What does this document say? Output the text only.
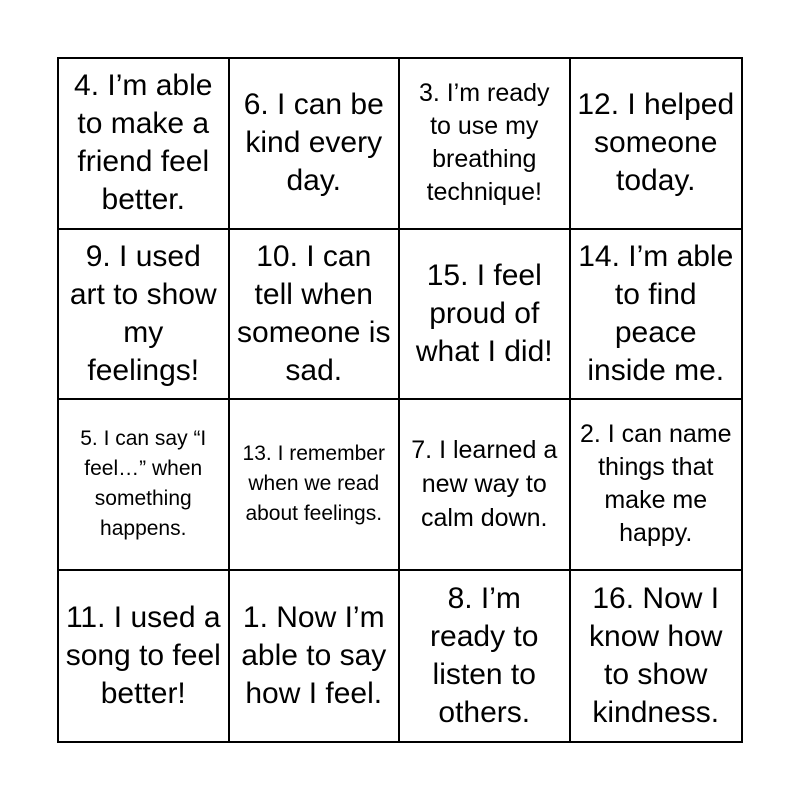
4. I’m able to make a friend feel better.
6. I can be kind every day.
3. I’m ready to use my breathing technique!
12. I helped someone today.
9. I used art to show my feelings!
10. I can tell when someone is sad.
15. I feel proud of what I did!
14. I’m able to find peace inside me.
5. I can say “I feel…” when something happens.
13. I remember when we read about feelings.
7. I learned a new way to calm down.
2. I can name things that make me happy.
11. I used a song to feel better!
1. Now I’m able to say how I feel.
8. I’m ready to listen to others.
16. Now I know how to show kindness.
